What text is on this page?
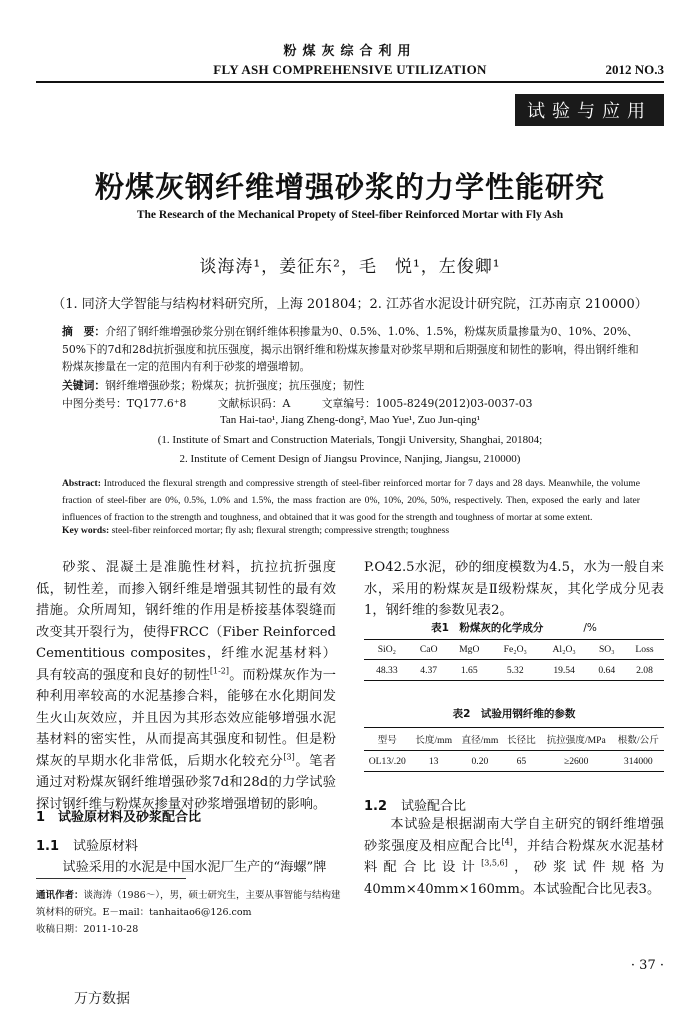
粉煤灰综合利用
FLY ASH COMPREHENSIVE UTILIZATION	2012 NO.3
试验与应用
粉煤灰钢纤维增强砂浆的力学性能研究
The Research of the Mechanical Propety of Steel-fiber Reinforced Mortar with Fly Ash
谈海涛¹，姜征东²，毛　悦¹，左俊卿¹
（1. 同济大学智能与结构材料研究所，上海 201804；2. 江苏省水泥设计研究院，江苏南京 210000）
摘　要：介绍了钢纤维增强砂浆分别在钢纤维体积掺量为0、0.5%、1.0%、1.5%，粉煤灰质量掺量为0、10%、20%、50%下的7d和28d抗折强度和抗压强度，揭示出钢纤维和粉煤灰掺量对砂浆早期和后期强度和韧性的影响，得出钢纤维和粉煤灰掺量在一定的范围内有利于砂浆的增强增韧。
关键词：钢纤维增强砂浆；粉煤灰；抗折强度；抗压强度；韧性
中图分类号：TQ177.6⁺8	文献标识码：A	文章编号：1005-8249(2012)03-0037-03
Tan Hai-tao¹, Jiang Zheng-dong², Mao Yue¹, Zuo Jun-qing¹
(1. Institute of Smart and Construction Materials, Tongji University, Shanghai, 201804;
2. Institute of Cement Design of Jiangsu Province, Nanjing, Jiangsu, 210000)
Abstract: Introduced the flexural strength and compressive strength of steel-fiber reinforced mortar for 7 days and 28 days. Meanwhile, the volume fraction of steel-fiber are 0%, 0.5%, 1.0% and 1.5%, the mass fraction are 0%, 10%, 20%, 50%, respectively. Then, exposed the early and later influences of fraction to the strength and toughness, and obtained that it was good for the strength and toughness of mortar at some extent.
Key words: steel-fiber reinforced mortar; fly ash; flexural strength; compressive strength; toughness

砂浆、混凝土是准脆性材料，抗拉抗折强度低，韧性差，而掺入钢纤维是增强其韧性的最有效措施。众所周知，钢纤维的作用是桥接基体裂缝而改变其开裂行为，使得FRCC（Fiber Reinforced Cementitious composites，纤维水泥基材料）具有较高的强度和良好的韧性[1-2]。而粉煤灰作为一种利用率较高的水泥基掺合料，能够在水化期间发生火山灰效应，并且因为其形态效应能够增强水泥基材料的密实性，从而提高其强度和韧性。但是粉煤灰的早期水化非常低，后期水化较充分[3]。笔者通过对粉煤灰钢纤维增强砂浆7d和28d的力学试验探讨钢纤维与粉煤灰掺量对砂浆增强增韧的影响。

1　试验原材料及砂浆配合比
1.1 试验原材料
试验采用的水泥是中国水泥厂生产的“海螺”牌
通讯作者：谈海涛（1986～），男，硕士研究生，主要从事智能与结构建筑材料的研究。E－mail：tanhaitao6@126.com
收稿日期：2011-10-28

P.O42.5水泥，砂的细度模数为4.5，水为一般自来水，采用的粉煤灰是Ⅱ级粉煤灰，其化学成分见表1，钢纤维的参数见表2。

表1　粉煤灰的化学成分	/%
SiO₂	CaO	MgO	Fe₂O₃	Al₂O₃	SO₃	Loss
48.33	4.37	1.65	5.32	19.54	0.64	2.08
表2　试验用钢纤维的参数
型号	长度/mm	直径/mm	长径比	抗拉强度/MPa	根数/公斤
OL13/.20	13	0.20	65	≥2600	314000
1.2 试验配合比

本试验是根据湖南大学自主研究的钢纤维增强砂浆强度及相应配合比[4]，并结合粉煤灰水泥基材料配合比设计[3,5,6]，砂浆试件规格为40mm×40mm×160mm。本试验配合比见表3。

· 37 ·
万方数据
